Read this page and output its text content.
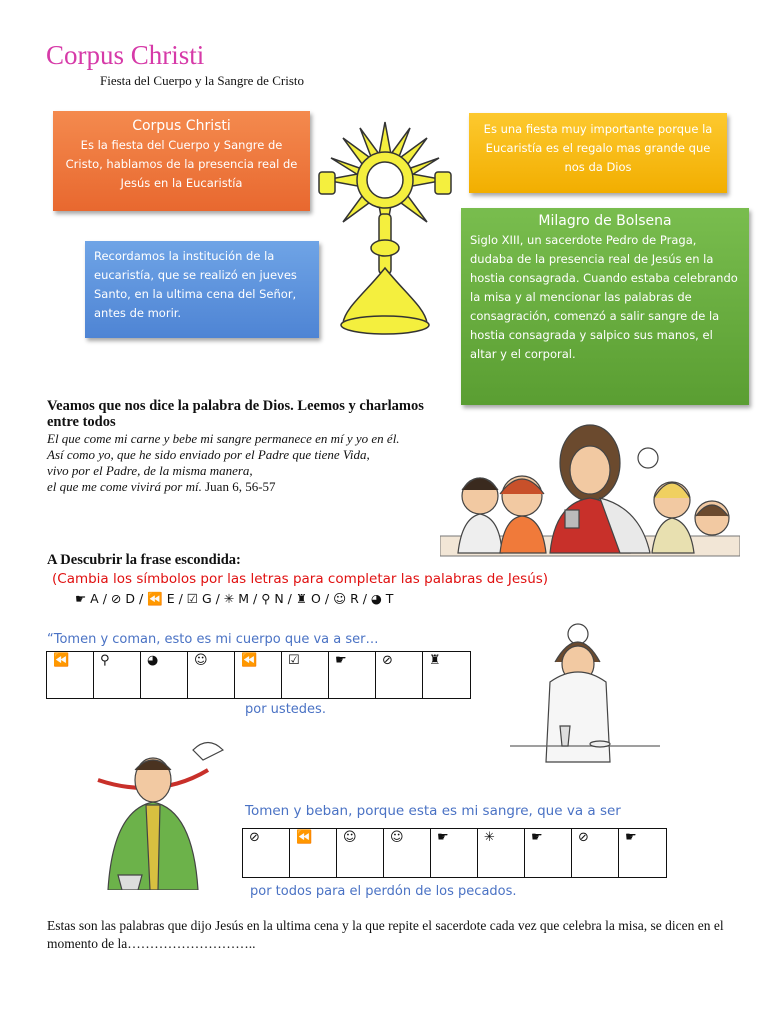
Corpus Christi
Fiesta del Cuerpo y la Sangre de Cristo
Corpus Christi
Es la fiesta del Cuerpo y Sangre de Cristo, hablamos de la presencia real de Jesús en la Eucaristía
Es una fiesta muy importante porque la Eucaristía es el regalo mas grande que nos da Dios
Recordamos la institución de la eucaristía, que se realizó en jueves Santo, en la ultima cena del Señor, antes de morir.
Milagro de Bolsena
Siglo XIII, un sacerdote Pedro de Praga, dudaba de la presencia real de Jesús en la hostia consagrada. Cuando estaba celebrando la misa y al mencionar las palabras de consagración, comenzó a salir sangre de la hostia consagrada y salpico sus manos, el altar y el corporal.
Veamos que nos dice la palabra de Dios. Leemos y charlamos entre todos
El que come mi carne y bebe mi sangre permanece en mí y yo en él.
Así como yo, que he sido enviado por el Padre que tiene Vida,
vivo por el Padre, de la misma manera,
el que me come vivirá por mí. Juan 6, 56-57
A Descubrir la frase escondida:
(Cambia los símbolos por las letras para completar las palabras de Jesús)
☛ A /
⊘ D /
⏪ E /
☑ G /
✳ M /
⚲ N /
♜ O /
☺ R /
◕ T
“Tomen y coman, esto es mi cuerpo que va a ser…
⏪	⚲	◕	☺	⏪	☑	☛	⊘	♜
por ustedes.
Tomen y beban, porque esta es mi sangre, que va a ser
⊘	⏪	☺	☺	☛	✳	☛	⊘	☛
por todos para el perdón de los pecados.
Estas son las palabras que dijo Jesús en la ultima cena y la que repite el sacerdote cada vez que celebra la misa, se dicen en el momento de la………………………..
